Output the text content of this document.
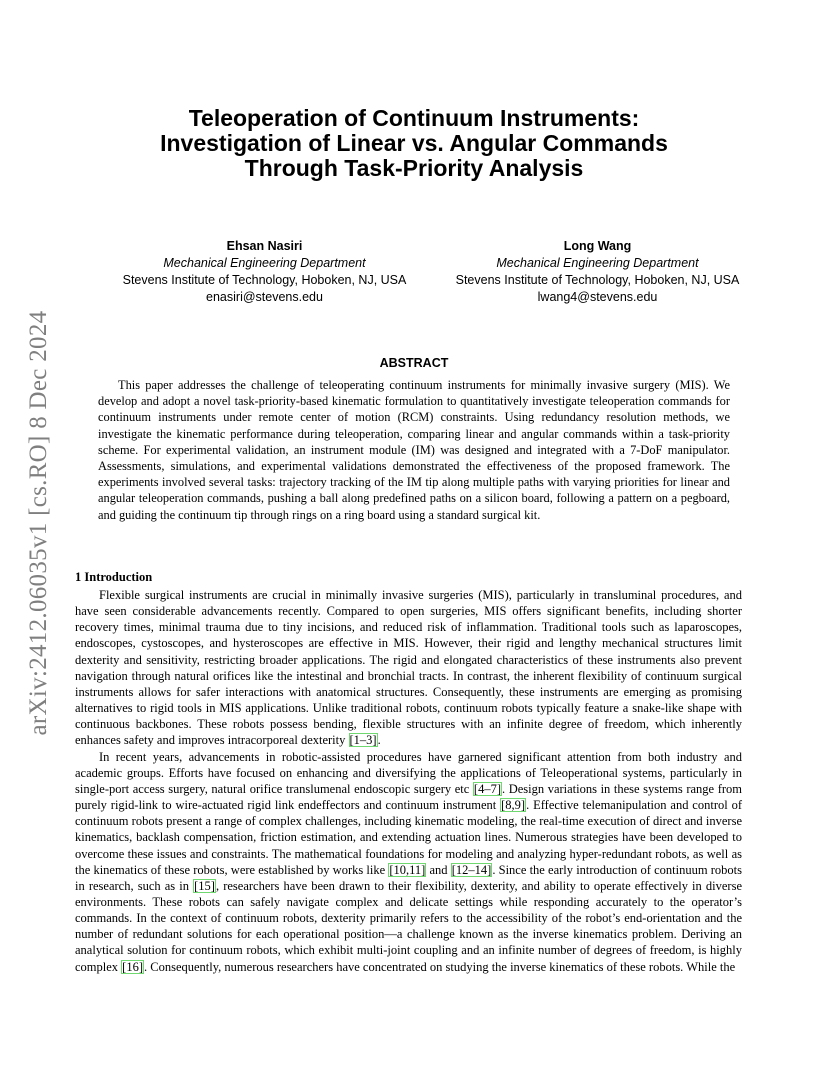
arXiv:2412.06035v1 [cs.RO] 8 Dec 2024
Teleoperation of Continuum Instruments:
Investigation of Linear vs. Angular Commands
Through Task-Priority Analysis
Ehsan Nasiri
Mechanical Engineering Department
Stevens Institute of Technology, Hoboken, NJ, USA
enasiri@stevens.edu
Long Wang
Mechanical Engineering Department
Stevens Institute of Technology, Hoboken, NJ, USA
lwang4@stevens.edu
ABSTRACT
This paper addresses the challenge of teleoperating continuum instruments for minimally invasive surgery (MIS). We develop and adopt a novel task-priority-based kinematic formulation to quantitatively investigate teleoperation commands for continuum instruments under remote center of motion (RCM) constraints. Using redundancy resolution methods, we investigate the kinematic performance during teleoperation, comparing linear and angular commands within a task-priority scheme. For experimental validation, an instrument module (IM) was designed and integrated with a 7-DoF manipulator. Assessments, simulations, and experimental validations demonstrated the effectiveness of the proposed framework. The experiments involved several tasks: trajectory tracking of the IM tip along multiple paths with varying priorities for linear and angular teleoperation commands, pushing a ball along predefined paths on a silicon board, following a pattern on a pegboard, and guiding the continuum tip through rings on a ring board using a standard surgical kit.
1 Introduction

Flexible surgical instruments are crucial in minimally invasive surgeries (MIS), particularly in transluminal procedures, and have seen considerable advancements recently. Compared to open surgeries, MIS offers significant benefits, including shorter recovery times, minimal trauma due to tiny incisions, and reduced risk of inflammation. Traditional tools such as laparoscopes, endoscopes, cystoscopes, and hysteroscopes are effective in MIS. However, their rigid and lengthy mechanical structures limit dexterity and sensitivity, restricting broader applications. The rigid and elongated characteristics of these instruments also prevent navigation through natural orifices like the intestinal and bronchial tracts. In contrast, the inherent flexibility of continuum surgical instruments allows for safer interactions with anatomical structures. Consequently, these instruments are emerging as promising alternatives to rigid tools in MIS applications. Unlike traditional robots, continuum robots typically feature a snake-like shape with continuous backbones. These robots possess bending, flexible structures with an infinite degree of freedom, which inherently enhances safety and improves intracorporeal dexterity [1–3].

In recent years, advancements in robotic-assisted procedures have garnered significant attention from both industry and academic groups. Efforts have focused on enhancing and diversifying the applications of Teleoperational systems, particularly in single-port access surgery, natural orifice translumenal endoscopic surgery etc [4–7]. Design variations in these systems range from purely rigid-link to wire-actuated rigid link endeffectors and continuum instrument [8,9]. Effective telemanipulation and control of continuum robots present a range of complex challenges, including kinematic modeling, the real-time execution of direct and inverse kinematics, backlash compensation, friction estimation, and extending actuation lines. Numerous strategies have been developed to overcome these issues and constraints. The mathematical foundations for modeling and analyzing hyper-redundant robots, as well as the kinematics of these robots, were established by works like [10,11] and [12–14]. Since the early introduction of continuum robots in research, such as in [15], researchers have been drawn to their flexibility, dexterity, and ability to operate effectively in diverse environments. These robots can safely navigate complex and delicate settings while responding accurately to the operator’s commands. In the context of continuum robots, dexterity primarily refers to the accessibility of the robot’s end-orientation and the number of redundant solutions for each operational position—a challenge known as the inverse kinematics problem. Deriving an analytical solution for continuum robots, which exhibit multi-joint coupling and an infinite number of degrees of freedom, is highly complex [16]. Consequently, numerous researchers have concentrated on studying the inverse kinematics of these robots. While the
